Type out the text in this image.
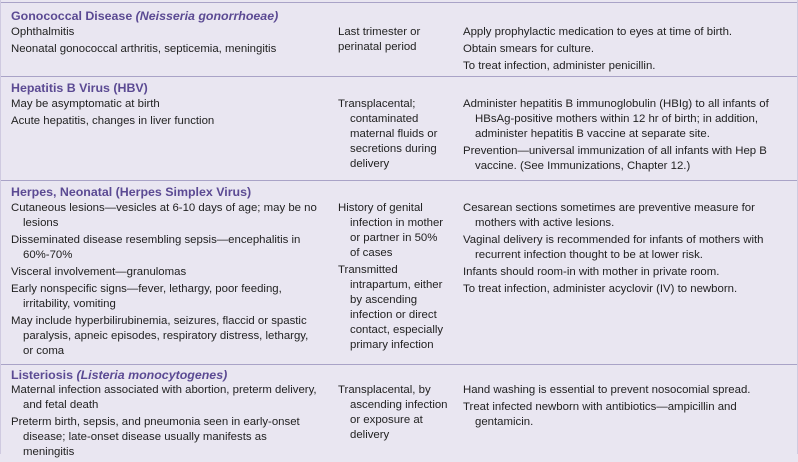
Gonococcal Disease (Neisseria gonorrhoeae)
Ophthalmitis
Neonatal gonococcal arthritis, septicemia, meningitis
Last trimester or perinatal period
Apply prophylactic medication to eyes at time of birth.
Obtain smears for culture.
To treat infection, administer penicillin.
Hepatitis B Virus (HBV)
May be asymptomatic at birth
Acute hepatitis, changes in liver function
Transplacental; contaminated maternal fluids or secretions during delivery
Administer hepatitis B immunoglobulin (HBIg) to all infants of HBsAg-positive mothers within 12 hr of birth; in addition, administer hepatitis B vaccine at separate site.
Prevention—universal immunization of all infants with Hep B vaccine. (See Immunizations, Chapter 12.)
Herpes, Neonatal (Herpes Simplex Virus)
Cutaneous lesions—vesicles at 6-10 days of age; may be no lesions
Disseminated disease resembling sepsis—encephalitis in 60%-70%
Visceral involvement—granulomas
Early nonspecific signs—fever, lethargy, poor feeding, irritability, vomiting
May include hyperbilirubinemia, seizures, flaccid or spastic paralysis, apneic episodes, respiratory distress, lethargy, or coma
History of genital infection in mother or partner in 50% of cases
Transmitted intrapartum, either by ascending infection or direct contact, especially primary infection
Cesarean sections sometimes are preventive measure for mothers with active lesions.
Vaginal delivery is recommended for infants of mothers with recurrent infection thought to be at lower risk.
Infants should room-in with mother in private room.
To treat infection, administer acyclovir (IV) to newborn.
Listeriosis (Listeria monocytogenes)
Maternal infection associated with abortion, preterm delivery, and fetal death
Preterm birth, sepsis, and pneumonia seen in early-onset disease; late-onset disease usually manifests as meningitis
Transplacental, by ascending infection or exposure at delivery
Hand washing is essential to prevent nosocomial spread.
Treat infected newborn with antibiotics—ampicillin and gentamicin.
